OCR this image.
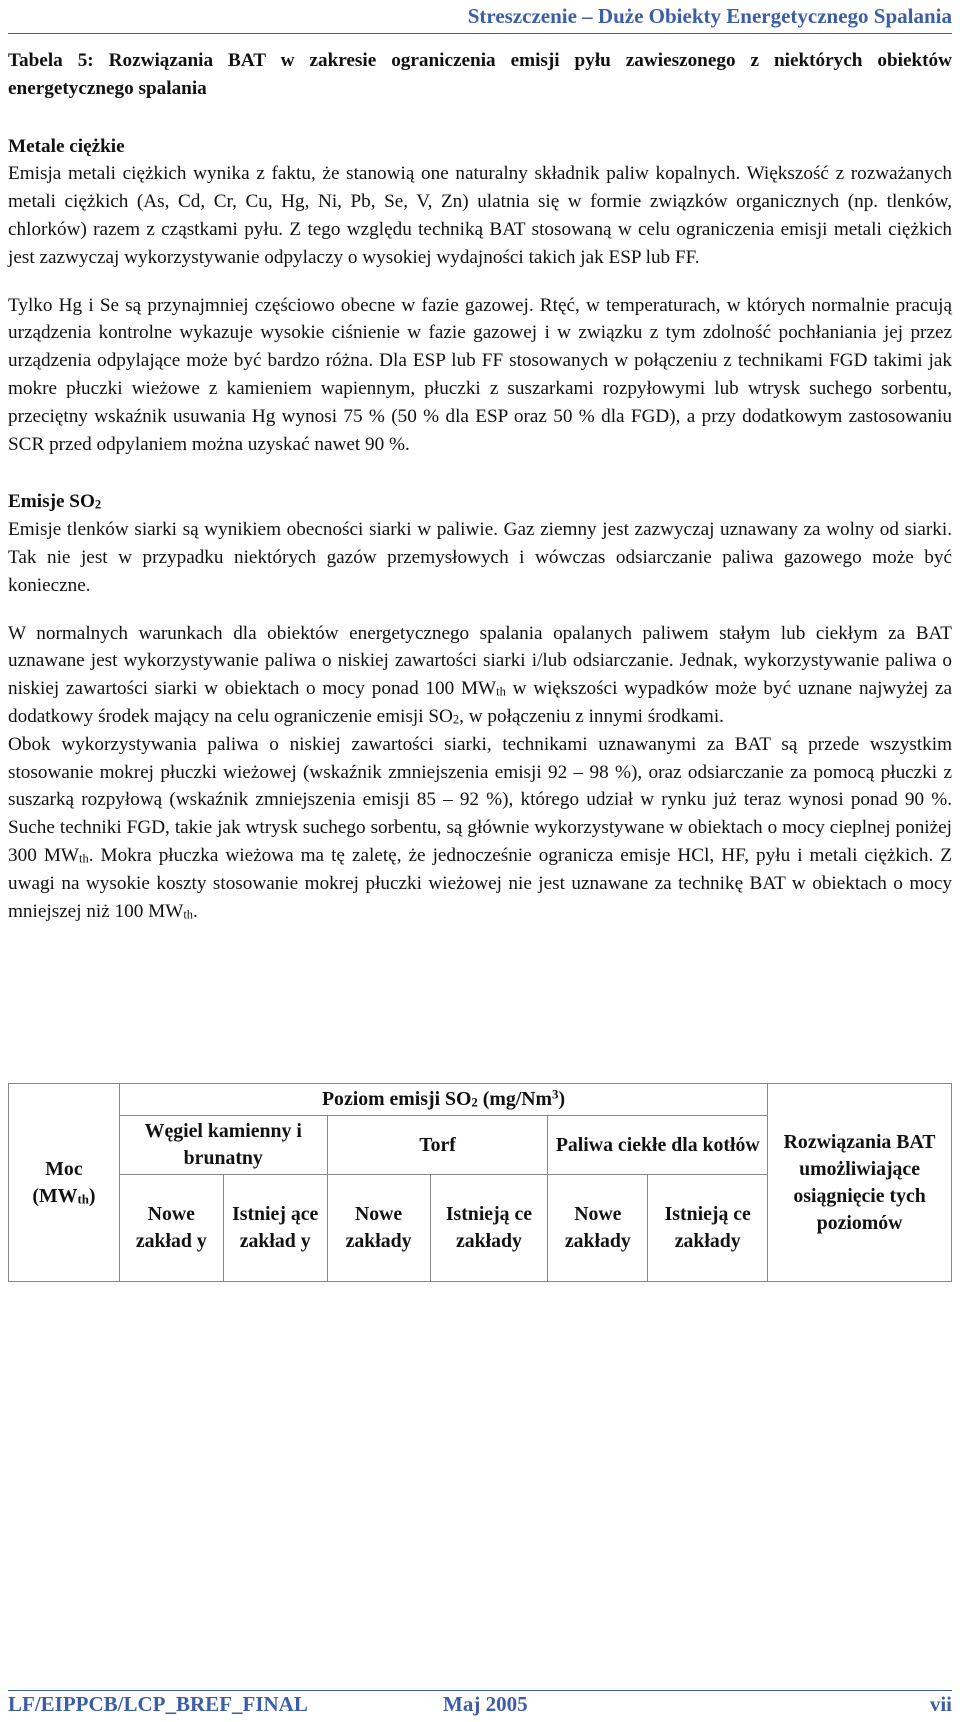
Streszczenie – Duże Obiekty Energetycznego Spalania

Tabela 5: Rozwiązania BAT w zakresie ograniczenia emisji pyłu zawieszonego z niektórych obiektów energetycznego spalania

Metale ciężkie

Emisja metali ciężkich wynika z faktu, że stanowią one naturalny składnik paliw kopalnych. Większość z rozważanych metali ciężkich (As, Cd, Cr, Cu, Hg, Ni, Pb, Se, V, Zn) ulatnia się w formie związków organicznych (np. tlenków, chlorków) razem z cząstkami pyłu. Z tego względu techniką BAT stosowaną w celu ograniczenia emisji metali ciężkich jest zazwyczaj wykorzystywanie odpylaczy o wysokiej wydajności takich jak ESP lub FF.

Tylko Hg i Se są przynajmniej częściowo obecne w fazie gazowej. Rtęć, w temperaturach, w których normalnie pracują urządzenia kontrolne wykazuje wysokie ciśnienie w fazie gazowej i w związku z tym zdolność pochłaniania jej przez urządzenia odpylające może być bardzo różna. Dla ESP lub FF stosowanych w połączeniu z technikami FGD takimi jak mokre płuczki wieżowe z kamieniem wapiennym, płuczki z suszarkami rozpyłowymi lub wtrysk suchego sorbentu, przeciętny wskaźnik usuwania Hg wynosi 75 % (50 % dla ESP oraz 50 % dla FGD), a przy dodatkowym zastosowaniu SCR przed odpylaniem można uzyskać nawet 90 %.

Emisje $SO_2$

Emisje tlenków siarki są wynikiem obecności siarki w paliwie. Gaz ziemny jest zazwyczaj uznawany za wolny od siarki. Tak nie jest w przypadku niektórych gazów przemysłowych i wówczas odsiarczanie paliwa gazowego może być konieczne.

W normalnych warunkach dla obiektów energetycznego spalania opalanych paliwem stałym lub ciekłym za BAT uznawane jest wykorzystywanie paliwa o niskiej zawartości siarki i/lub odsiarczanie. Jednak, wykorzystywanie paliwa o niskiej zawartości siarki w obiektach o mocy ponad 100 $MW_{th}$ w większości wypadków może być uznane najwyżej za dodatkowy środek mający na celu ograniczenie emisji $SO_2$, w połączeniu z innymi środkami.

Obok wykorzystywania paliwa o niskiej zawartości siarki, technikami uznawanymi za BAT są przede wszystkim stosowanie mokrej płuczki wieżowej (wskaźnik zmniejszenia emisji 92 – 98 %), oraz odsiarczanie za pomocą płuczki z suszarką rozpyłową (wskaźnik zmniejszenia emisji 85 – 92 %), którego udział w rynku już teraz wynosi ponad 90 %. Suche techniki FGD, takie jak wtrysk suchego sorbentu, są głównie wykorzystywane w obiektach o mocy cieplnej poniżej 300 $MW_{th}$. Mokra płuczka wieżowa ma tę zaletę, że jednocześnie ogranicza emisje HCl, HF, pyłu i metali ciężkich. Z uwagi na wysokie koszty stosowanie mokrej płuczki wieżowej nie jest uznawane za technikę BAT w obiektach o mocy mniejszej niż 100 $MW_{th}$.

Moc $(MW_{th})$	Poziom emisji $SO_2$ (mg/Nm$^3$)						Rozwiązania BAT umożliwiające osiągnięcie tych poziomów
	Węgiel kamienny i brunatny		Torf		Paliwa ciekłe dla kotłów		
	Nowe zakład y	Istniej ące zakład y	Nowe zakłady	Istnieją ce zakłady	Nowe zakłady	Istnieją ce zakłady	
LF/EIPPCB/LCP_BREF_FINAL	Maj 2005	vii
